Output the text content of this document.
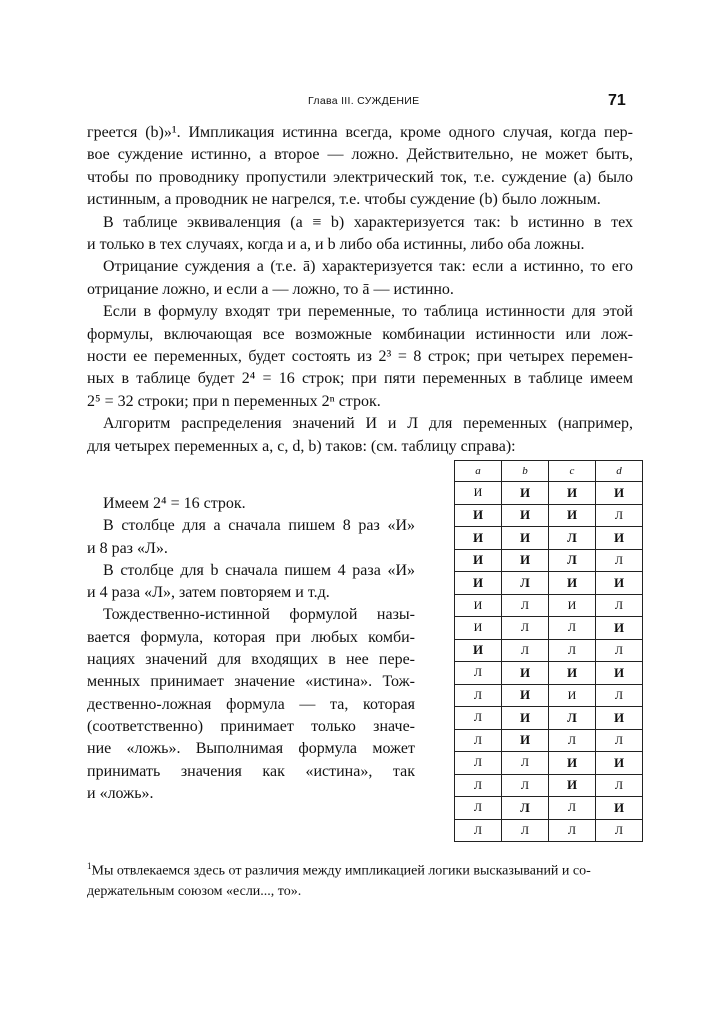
Глава III. СУЖДЕНИЕ	71
греется (b)»¹. Импликация истинна всегда, кроме одного случая, когда пер-
вое суждение истинно, а второе — ложно. Действительно, не может быть,
чтобы по проводнику пропустили электрический ток, т.е. суждение (a) было
истинным, а проводник не нагрелся, т.е. чтобы суждение (b) было ложным.
В таблице эквиваленция (a ≡ b) характеризуется так: b истинно в тех
и только в тех случаях, когда и a, и b либо оба истинны, либо оба ложны.
Отрицание суждения a (т.е. ā) характеризуется так: если a истинно, то его
отрицание ложно, и если a — ложно, то ā — истинно.
Если в формулу входят три переменные, то таблица истинности для этой
формулы, включающая все возможные комбинации истинности или лож-
ности ее переменных, будет состоять из 2³ = 8 строк; при четырех перемен-
ных в таблице будет 2⁴ = 16 строк; при пяти переменных в таблице имеем
2⁵ = 32 строки; при n переменных 2ⁿ строк.
Алгоритм распределения значений И и Л для переменных (например,
для четырех переменных a, c, d, b) таков: (см. таблицу справа):
Имеем 2⁴ = 16 строк.
В столбце для a сначала пишем 8 раз «И»
и 8 раз «Л».
В столбце для b сначала пишем 4 раза «И»
и 4 раза «Л», затем повторяем и т.д.
Тождественно-истинной формулой назы-
вается формула, которая при любых комби-
нациях значений для входящих в нее пере-
менных принимает значение «истина». Тож-
дественно-ложная формула — та, которая
(соответственно) принимает только значе-
ние «ложь». Выполнимая формула может
принимать значения как «истина», так
и «ложь».
a	b	c	d
И	И	И	И
И	И	И	Л
И	И	Л	И
И	И	Л	Л
И	Л	И	И
И	Л	И	Л
И	Л	Л	И
И	Л	Л	Л
Л	И	И	И
Л	И	И	Л
Л	И	Л	И
Л	И	Л	Л
Л	Л	И	И
Л	Л	И	Л
Л	Л	Л	И
Л	Л	Л	Л
$^1$Мы отвлекаемся здесь от различия между импликацией логики высказываний и со-
держательным союзом «если..., то».
